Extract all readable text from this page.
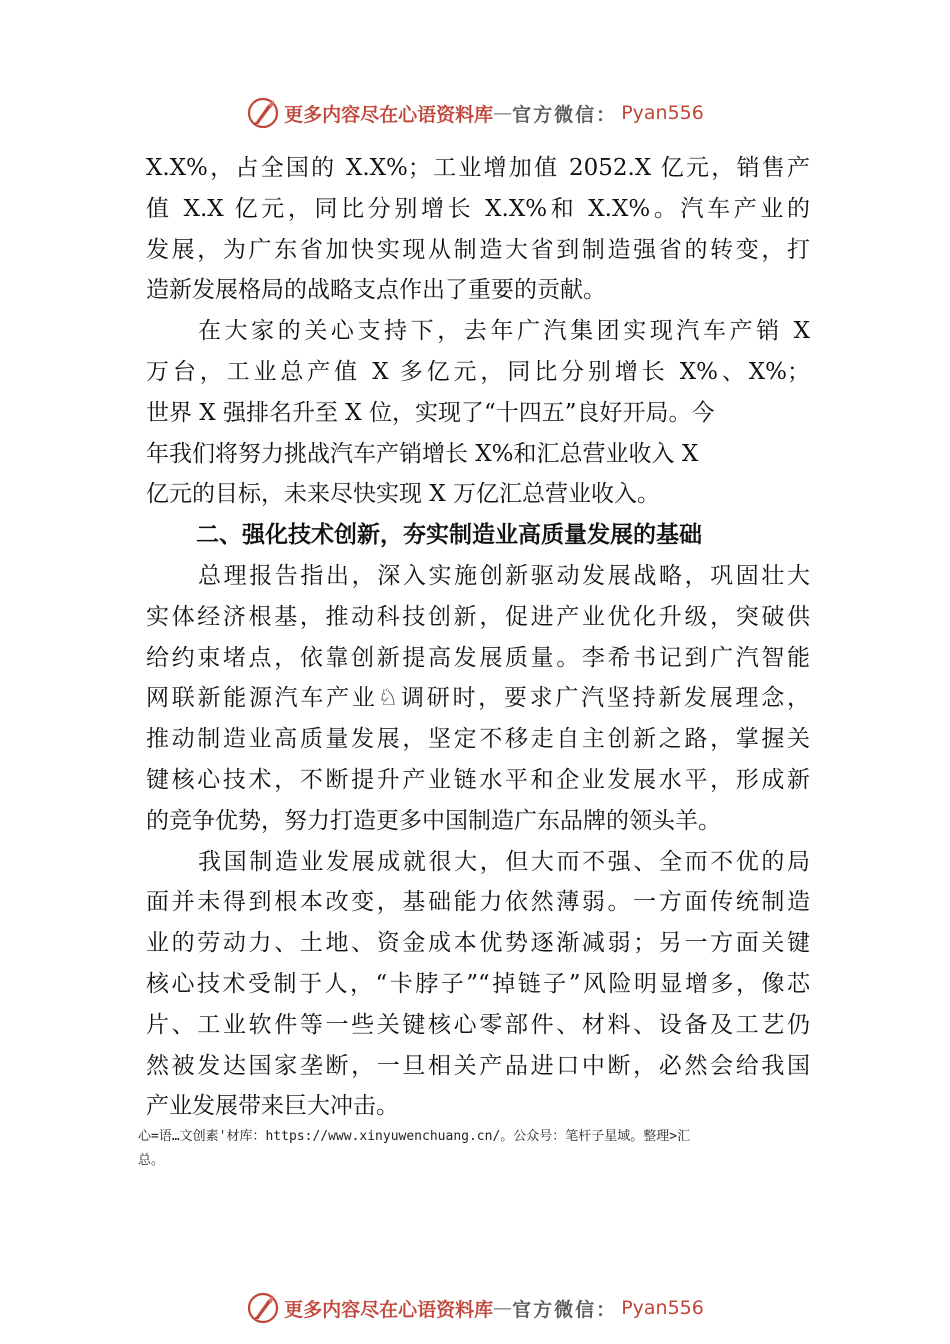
更多内容尽在心语资料库 — 官方微信： Pyan556
X.X%，占全国的 X.X%；工业增加值 2052.X 亿元，销售产
值 X.X 亿元，同比分别增长 X.X%和 X.X%。汽车产业的
发展，为广东省加快实现从制造大省到制造强省的转变，打
造新发展格局的战略支点作出了重要的贡献。
在大家的关心支持下，去年广汽集团实现汽车产销 X
万台，工业总产值 X 多亿元，同比分别增长 X%、X%；
世界 X 强排名升至 X 位，实现了“十四五”良好开局。今
年我们将努力挑战汽车产销增长 X%和汇总营业收入 X
亿元的目标，未来尽快实现 X 万亿汇总营业收入。
二、强化技术创新，夯实制造业高质量发展的基础
总理报告指出，深入实施创新驱动发展战略，巩固壮大
实体经济根基，推动科技创新，促进产业优化升级，突破供
给约束堵点，依靠创新提高发展质量。李希书记到广汽智能
网联新能源汽车产业♘调研时，要求广汽坚持新发展理念，
推动制造业高质量发展，坚定不移走自主创新之路，掌握关
键核心技术，不断提升产业链水平和企业发展水平，形成新
的竞争优势，努力打造更多中国制造广东品牌的领头羊。
我国制造业发展成就很大，但大而不强、全而不优的局
面并未得到根本改变，基础能力依然薄弱。一方面传统制造
业的劳动力、土地、资金成本优势逐渐减弱；另一方面关键
核心技术受制于人，“卡脖子”“掉链子”风险明显增多，像芯
片、工业软件等一些关键核心零部件、材料、设备及工艺仍
然被发达国家垄断，一旦相关产品进口中断，必然会给我国
产业发展带来巨大冲击。
心=语…文创素'材库：https://www.xinyuwenchuang.cn/。公众号：笔杆子星域。整理>汇
总。
更多内容尽在心语资料库 — 官方微信： Pyan556
